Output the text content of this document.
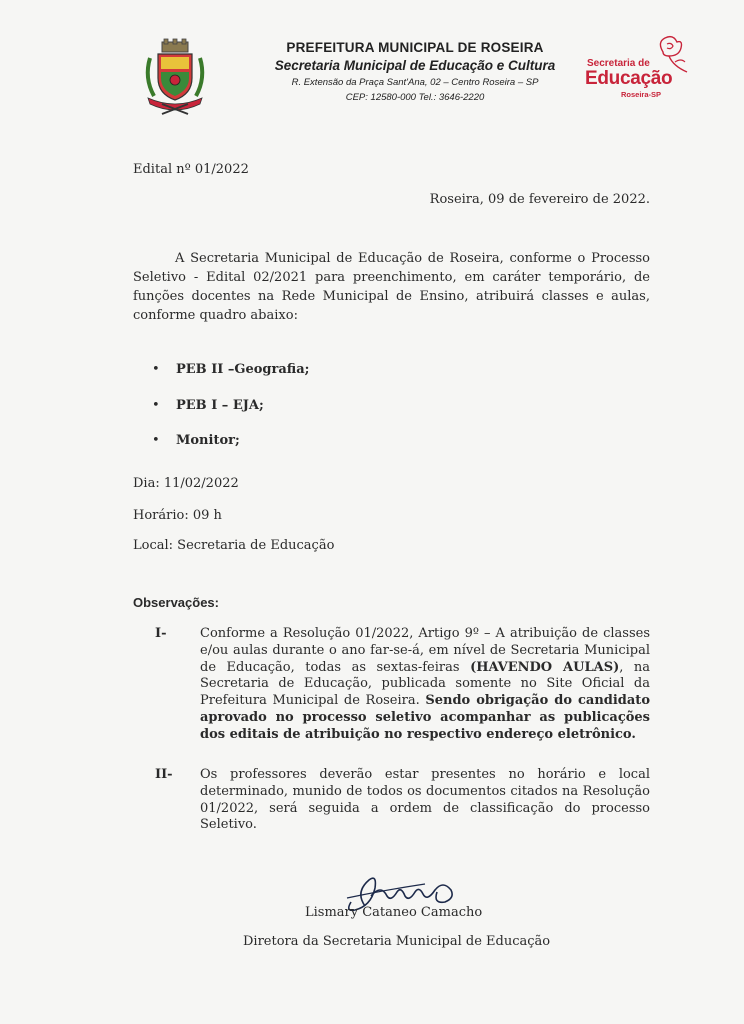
PREFEITURA MUNICIPAL DE ROSEIRA
Secretaria Municipal de Educação e Cultura
R. Extensão da Praça Sant'Ana, 02 – Centro Roseira – SP
CEP: 12580-000 Tel.: 3646-2220
Secretaria de
Educação
Roseira-SP
Edital nº 01/2022
Roseira, 09 de fevereiro de 2022.
A Secretaria Municipal de Educação de Roseira, conforme o Processo Seletivo - Edital 02/2021 para preenchimento, em caráter temporário, de funções docentes na Rede Municipal de Ensino, atribuirá classes e aulas, conforme quadro abaixo:
• PEB II –Geografia;
• PEB I – EJA;
• Monitor;
Dia: 11/02/2022
Horário: 09 h
Local: Secretaria de Educação
Observações:
I-	Conforme a Resolução 01/2022, Artigo 9º – A atribuição de classes e/ou aulas durante o ano far-se-á, em nível de Secretaria Municipal de Educação, todas as sextas-feiras (HAVENDO AULAS), na Secretaria de Educação, publicada somente no Site Oficial da Prefeitura Municipal de Roseira. Sendo obrigação do candidato aprovado no processo seletivo acompanhar as publicações dos editais de atribuição no respectivo endereço eletrônico.
II- Os professores deverão estar presentes no horário e local determinado, munido de todos os documentos citados na Resolução 01/2022, será seguida a ordem de classificação do processo Seletivo.
Lismary Cataneo Camacho
Diretora da Secretaria Municipal de Educação
